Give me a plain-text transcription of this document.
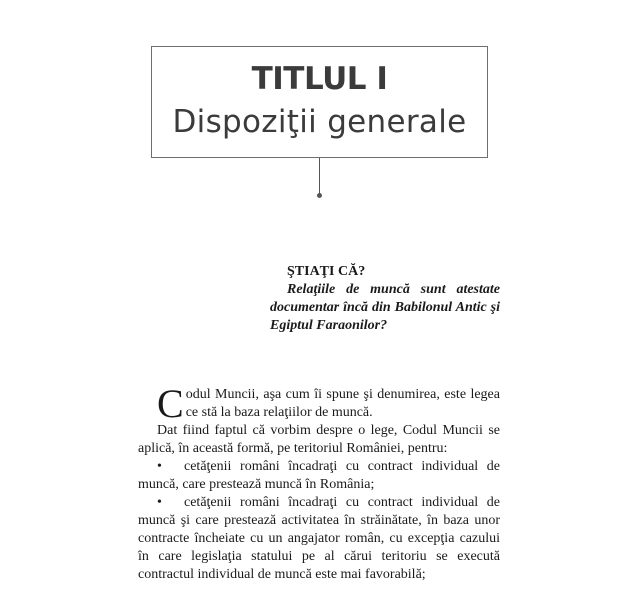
TITLUL I
Dispoziţii generale
ŞTIAŢI CĂ?
Relaţiile de muncă sunt atestate documentar încă din Babilonul Antic şi Egiptul Faraonilor?

Codul Muncii, aşa cum îi spune şi denumirea, este legea ce stă la baza relaţiilor de muncă.

Dat fiind faptul că vorbim despre o lege, Codul Muncii se aplică, în această formă, pe teritoriul României, pentru:

• cetăţenii români încadraţi cu contract individual de muncă, care prestează muncă în România;

• cetăţenii români încadraţi cu contract individual de muncă şi care prestează activitatea în străinătate, în baza unor contracte încheiate cu un angajator român, cu excepţia cazului în care legislaţia statului pe al cărui teritoriu se execută contractul individual de muncă este mai favorabilă;
